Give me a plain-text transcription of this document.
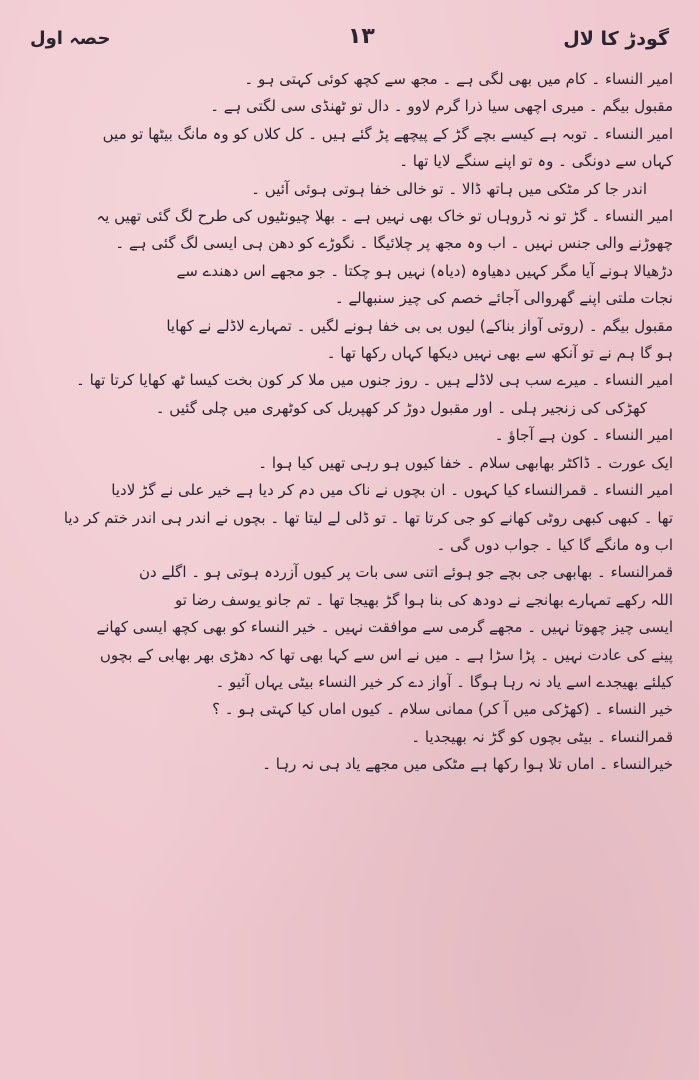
حصہ اول	۱۳	گودڑ کا لال
امیر النساء ۔ کام میں بھی لگی ہے ۔ مجھ سے کچھ کوئی کہتی ہو ۔
مقبول بیگم ۔ میری اچھی سیا ذرا گرم لاوو ۔ دال تو ٹھنڈی سی لگتی ہے ۔
امیر النساء ۔ توبہ ہے کیسے بچے گڑ کے پیچھے پڑ گئے ہیں ۔ کل کلاں کو وہ مانگ بیٹھا تو میں
کہاں سے دونگی ۔ وہ تو اپنے سنگے لایا تھا ۔
اندر جا کر مٹکی میں ہاتھ ڈالا ۔ تو خالی خفا ہوتی ہوئی آئیں ۔
امیر النساء ۔ گڑ تو نہ ڈروہاں تو خاک بھی نہیں ہے ۔ بھلا چیونٹیوں کی طرح لگ گئی تھیں یہ
چھوڑنے والی جنس نہیں ۔ اب وہ مجھ پر چلائیگا ۔ نگوڑے کو دھن ہی ایسی لگ گئی ہے ۔
دڑھیالا ہونے آیا مگر کہیں دھیاوہ (دیاہ) نہیں ہو چکتا ۔ جو مجھے اس دھندے سے
نجات ملتی اپنے گھروالی آجائے خصم کی چیز سنبھالے ۔
مقبول بیگم ۔ (روتی آواز بناکے) لیوں بی بی خفا ہونے لگیں ۔ تمہارے لاڈلے نے کھایا
ہو گا ہم نے تو آنکھ سے بھی نہیں دیکھا کہاں رکھا تھا ۔
امیر النساء ۔ میرے سب ہی لاڈلے ہیں ۔ روز جنوں میں ملا کر کون بخت کیسا ٹھ کھایا کرتا تھا ۔
کھڑکی کی زنجیر ہلی ۔ اور مقبول دوڑ کر کھپریل کی کوٹھری میں چلی گئیں ۔
امیر النساء ۔ کون ہے آجاؤ ۔
ایک عورت ۔ ڈاکٹر بھابھی سلام ۔ خفا کیوں ہو رہی تھیں کیا ہوا ۔
امیر النساء ۔ قمرالنساء کیا کہوں ۔ ان بچوں نے ناک میں دم کر دیا ہے خیر علی نے گڑ لادیا
تھا ۔ کبھی کبھی روٹی کھانے کو جی کرتا تھا ۔ تو ڈلی لے لیتا تھا ۔ بچوں نے اندر ہی اندر ختم کر دیا
اب وہ مانگے گا کیا ۔ جواب دوں گی ۔
قمرالنساء ۔ بھابھی جی بچے جو ہوئے اتنی سی بات پر کیوں آزردہ ہوتی ہو ۔ اگلے دن
اللہ رکھے تمہارے بھانجے نے دودھ کی بنا ہوا گڑ بھیجا تھا ۔ تم جانو یوسف رضا تو
ایسی چیز چھوتا نہیں ۔ مجھے گرمی سے موافقت نہیں ۔ خیر النساء کو بھی کچھ ایسی کھانے
پینے کی عادت نہیں ۔ پڑا سڑا ہے ۔ میں نے اس سے کہا بھی تھا کہ دھڑی بھر بھابی کے بچوں
کیلئے بھیجدے اسے یاد نہ رہا ہوگا ۔ آواز دے کر خیر النساء بیٹی یہاں آئیو ۔
خیر النساء ۔ (کھڑکی میں آ کر) ممانی سلام ۔ کیوں اماں کیا کہتی ہو ۔ ؟
قمرالنساء ۔ بیٹی بچوں کو گڑ نہ بھیجدیا ۔
خیرالنساء ۔ اماں تلا ہوا رکھا ہے مٹکی میں مجھے یاد ہی نہ رہا ۔
